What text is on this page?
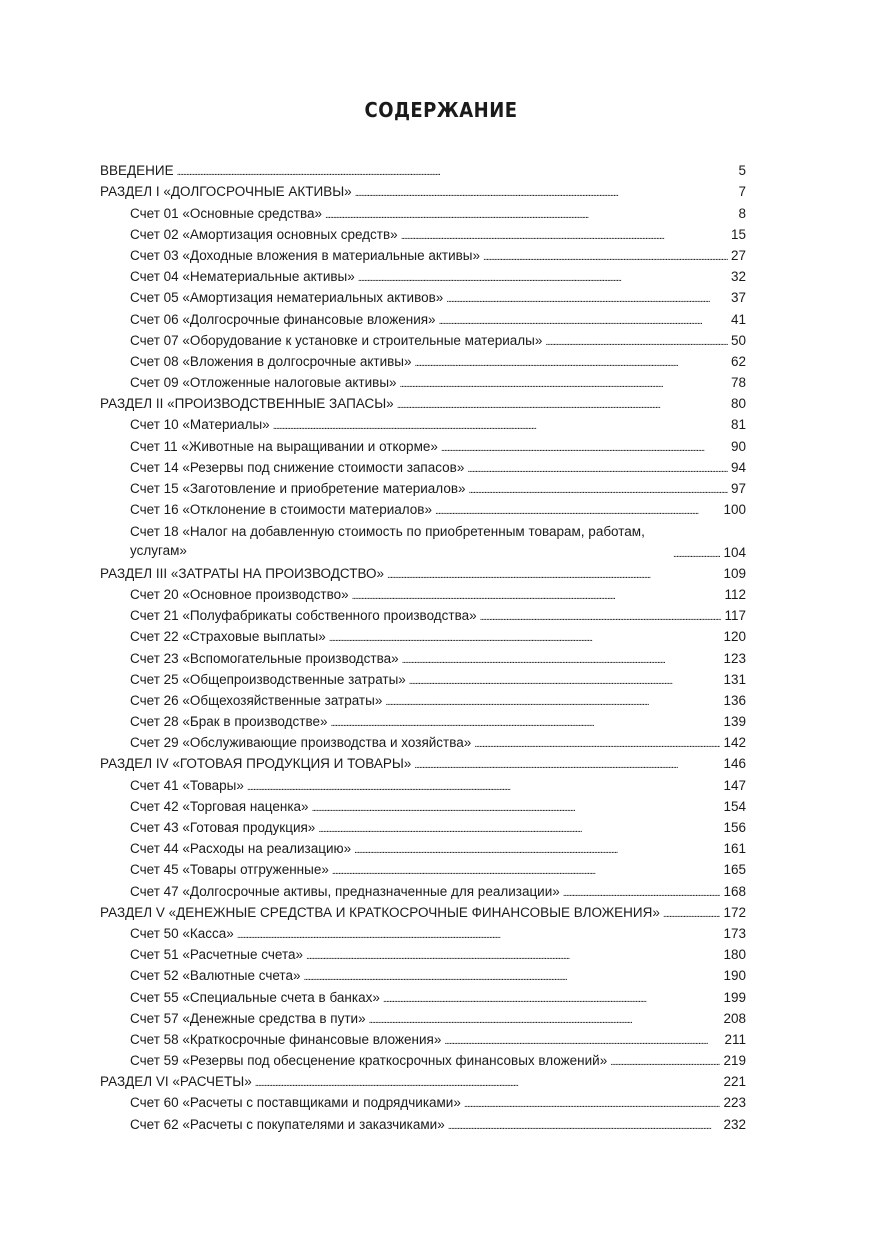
СОДЕРЖАНИЕ
ВВЕДЕНИЕ . . .	5
РАЗДЕЛ I «ДОЛГОСРОЧНЫЕ АКТИВЫ» . . .	7
Счет 01 «Основные средства» . . .	8
Счет 02 «Амортизация основных средств» . . .	15
Счет 03 «Доходные вложения в материальные активы» . . .	27
Счет 04 «Нематериальные активы» . . .	32
Счет 05 «Амортизация нематериальных активов» . . .	37
Счет 06 «Долгосрочные финансовые вложения» . . .	41
Счет 07 «Оборудование к установке и строительные материалы» . . .	50
Счет 08 «Вложения в долгосрочные активы» . . .	62
Счет 09 «Отложенные налоговые активы» . . .	78
РАЗДЕЛ II «ПРОИЗВОДСТВЕННЫЕ ЗАПАСЫ» . . .	80
Счет 10 «Материалы» . . .	81
Счет 11 «Животные на выращивании и откорме» . . .	90
Счет 14 «Резервы под снижение стоимости запасов» . . .	94
Счет 15 «Заготовление и приобретение материалов» . . .	97
Счет 16 «Отклонение в стоимости материалов» . . .	100
Счет 18 «Налог на добавленную стоимость по приобретенным товарам, работам, услугам» . . .	104
РАЗДЕЛ III «ЗАТРАТЫ НА ПРОИЗВОДСТВО» . . .	109
Счет 20 «Основное производство» . . .	112
Счет 21 «Полуфабрикаты собственного производства» . . .	117
Счет 22 «Страховые выплаты» . . .	120
Счет 23 «Вспомогательные производства» . . .	123
Счет 25 «Общепроизводственные затраты» . . .	131
Счет 26 «Общехозяйственные затраты» . . .	136
Счет 28 «Брак в производстве» . . .	139
Счет 29 «Обслуживающие производства и хозяйства» . . .	142
РАЗДЕЛ IV «ГОТОВАЯ ПРОДУКЦИЯ И ТОВАРЫ» . . .	146
Счет 41 «Товары» . . .	147
Счет 42 «Торговая наценка» . . .	154
Счет 43 «Готовая продукция» . . .	156
Счет 44 «Расходы на реализацию» . . .	161
Счет 45 «Товары отгруженные» . . .	165
Счет 47 «Долгосрочные активы, предназначенные для реализации» . . .	168
РАЗДЕЛ V «ДЕНЕЖНЫЕ СРЕДСТВА И КРАТКОСРОЧНЫЕ ФИНАНСОВЫЕ ВЛОЖЕНИЯ» . . .	172
Счет 50 «Касса» . . .	173
Счет 51 «Расчетные счета» . . .	180
Счет 52 «Валютные счета» . . .	190
Счет 55 «Специальные счета в банках» . . .	199
Счет 57 «Денежные средства в пути» . . .	208
Счет 58 «Краткосрочные финансовые вложения» . . .	211
Счет 59 «Резервы под обесценение краткосрочных финансовых вложений» . . .	219
РАЗДЕЛ VI «РАСЧЕТЫ» . . .	221
Счет 60 «Расчеты с поставщиками и подрядчиками» . . .	223
Счет 62 «Расчеты с покупателями и заказчиками» . . .	232
